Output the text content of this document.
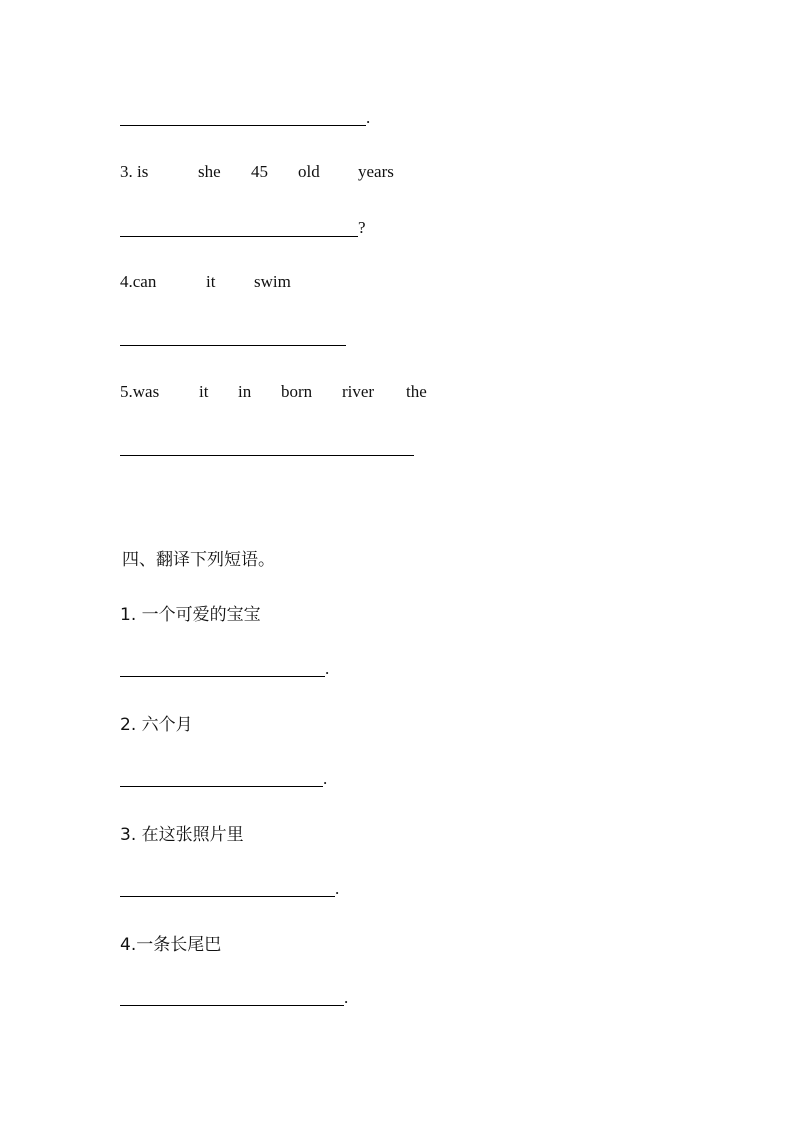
.
3. is	she 45 old years
?
4.can	it swim
5.was it in born river the
四、翻译下列短语。
1. 一个可爱的宝宝
.
2. 六个月
.
3. 在这张照片里
.
4.一条长尾巴
.
